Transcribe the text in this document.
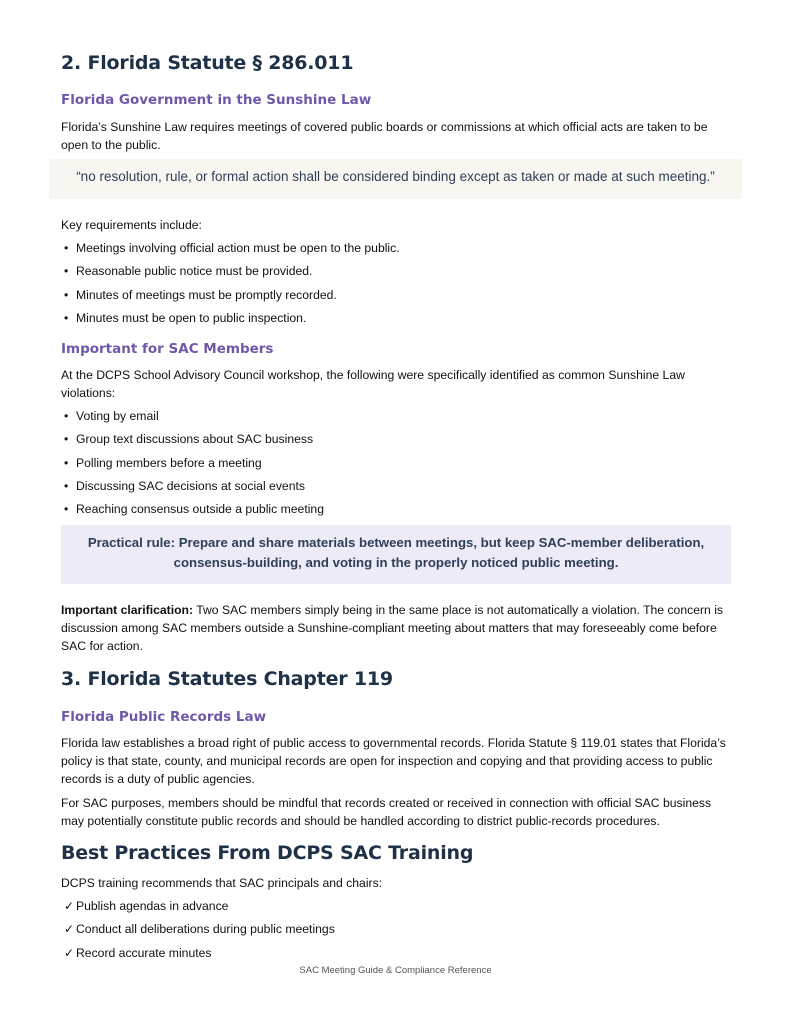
2. Florida Statute § 286.011
Florida Government in the Sunshine Law

Florida’s Sunshine Law requires meetings of covered public boards or commissions at which official acts are taken to be open to the public.

“no resolution, rule, or formal action shall be considered binding except as taken or made at such meeting.”

Key requirements include:

• Meetings involving official action must be open to the public.
• Reasonable public notice must be provided.
• Minutes of meetings must be promptly recorded.
• Minutes must be open to public inspection.
Important for SAC Members

At the DCPS School Advisory Council workshop, the following were specifically identified as common Sunshine Law violations:

• Voting by email
• Group text discussions about SAC business
• Polling members before a meeting
• Discussing SAC decisions at social events
• Reaching consensus outside a public meeting
Practical rule: Prepare and share materials between meetings, but keep SAC-member deliberation, consensus-building, and voting in the properly noticed public meeting.

Important clarification: Two SAC members simply being in the same place is not automatically a violation. The concern is discussion among SAC members outside a Sunshine-compliant meeting about matters that may foreseeably come before SAC for action.

3. Florida Statutes Chapter 119
Florida Public Records Law

Florida law establishes a broad right of public access to governmental records. Florida Statute § 119.01 states that Florida’s policy is that state, county, and municipal records are open for inspection and copying and that providing access to public records is a duty of public agencies.

For SAC purposes, members should be mindful that records created or received in connection with official SAC business may potentially constitute public records and should be handled according to district public-records procedures.

Best Practices From DCPS SAC Training

DCPS training recommends that SAC principals and chairs:

✓ Publish agendas in advance
✓ Conduct all deliberations during public meetings
✓ Record accurate minutes
SAC Meeting Guide & Compliance Reference
